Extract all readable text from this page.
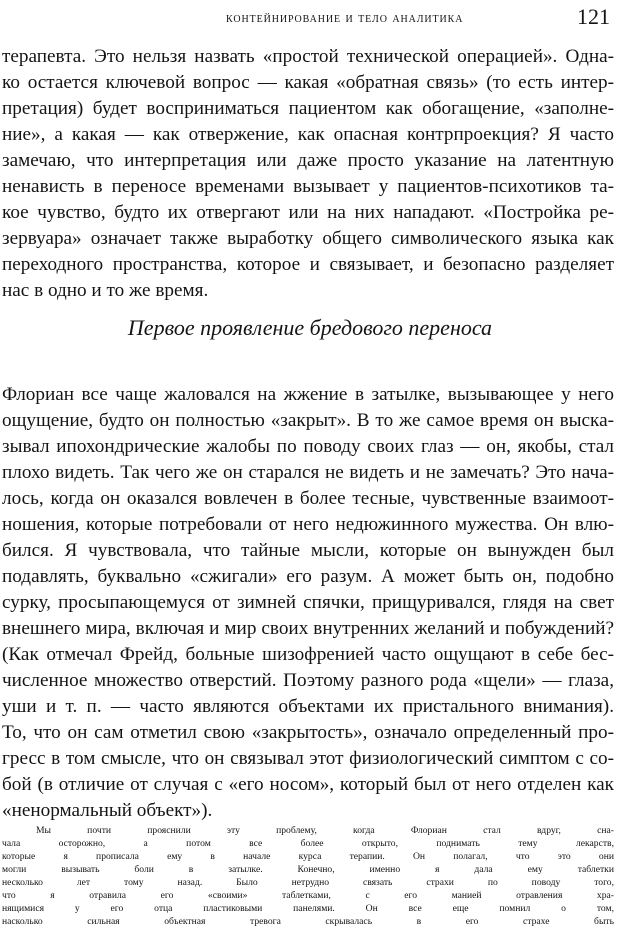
контейнирование и тело аналитика	121
терапевта. Это нельзя назвать «простой технической операцией». Одна-
ко остается ключевой вопрос — какая «обратная связь» (то есть интер-
претация) будет восприниматься пациентом как обогащение, «заполне-
ние», а какая — как отвержение, как опасная контрпроекция? Я часто
замечаю, что интерпретация или даже просто указание на латентную
ненависть в переносе временами вызывает у пациентов-психотиков та-
кое чувство, будто их отвергают или на них нападают. «Постройка ре-
зервуара» означает также выработку общего символического языка как
переходного пространства, которое и связывает, и безопасно разделяет
нас в одно и то же время.
Первое проявление бредового переноса
Флориан все чаще жаловался на жжение в затылке, вызывающее у него
ощущение, будто он полностью «закрыт». В то же самое время он выска-
зывал ипохондрические жалобы по поводу своих глаз — он, якобы, стал
плохо видеть. Так чего же он старался не видеть и не замечать? Это нача-
лось, когда он оказался вовлечен в более тесные, чувственные взаимоот-
ношения, которые потребовали от него недюжинного мужества. Он влю-
бился. Я чувствовала, что тайные мысли, которые он вынужден был
подавлять, буквально «сжигали» его разум. А может быть он, подобно
сурку, просыпающемуся от зимней спячки, прищуривался, глядя на свет
внешнего мира, включая и мир своих внутренних желаний и побуждений?
(Как отмечал Фрейд, больные шизофренией часто ощущают в себе бес-
численное множество отверстий. Поэтому разного рода «щели» — глаза,
уши и т. п. — часто являются объектами их пристального внимания).
То, что он сам отметил свою «закрытость», означало определенный про-
гресс в том смысле, что он связывал этот физиологический симптом с со-
бой (в отличие от случая с «его носом», который был от него отделен как
«ненормальный объект»).
Мы почти прояснили эту проблему, когда Флориан стал вдруг, сна-
чала осторожно, а потом все более открыто, поднимать тему лекарств,
которые я прописала ему в начале курса терапии. Он полагал, что это они
могли вызывать боли в затылке. Конечно, именно я дала ему таблетки
несколько лет тому назад. Было нетрудно связать страхи по поводу того,
что я отравила его «своими» таблетками, с его манией отравления хра-
нящимися у его отца пластиковыми панелями. Он все еще помнил о том,
насколько сильная объектная тревога скрывалась в его страхе быть
